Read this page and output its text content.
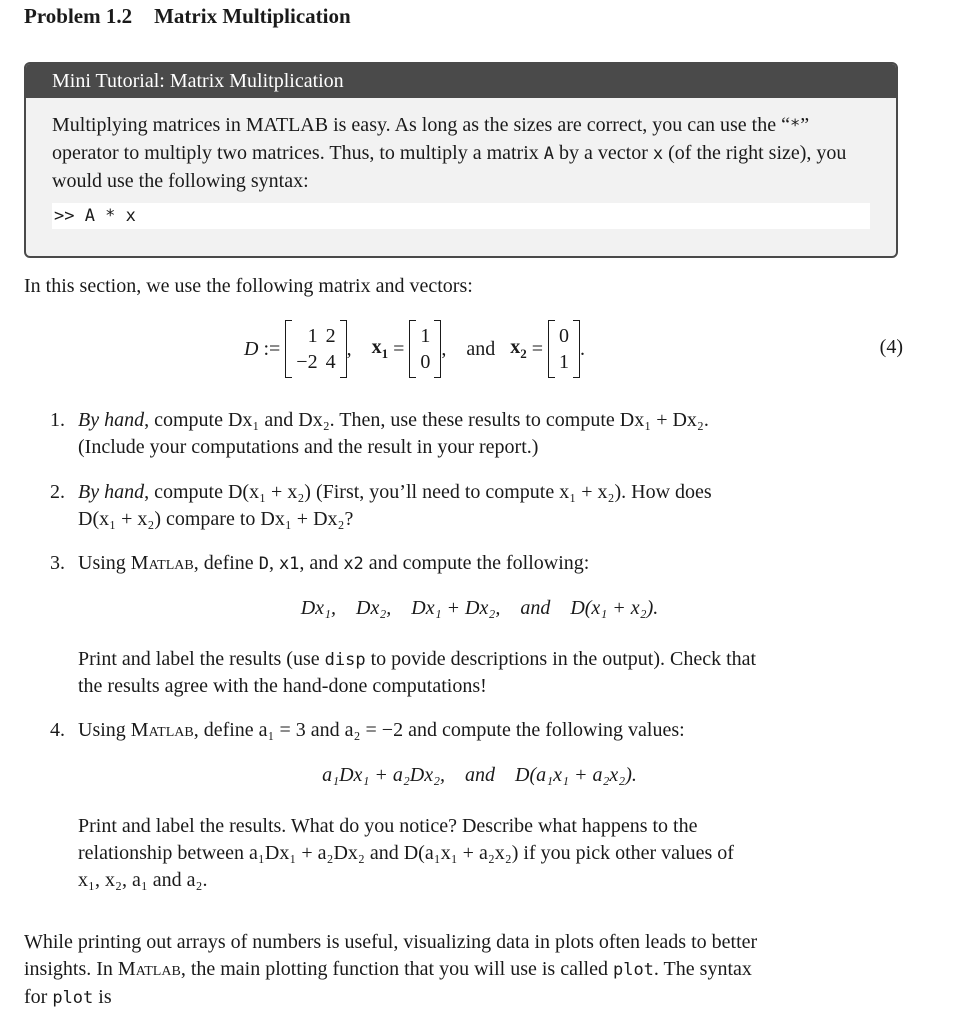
Problem 1.2 Matrix Multiplication
Mini Tutorial: Matrix Mulitplication
Multiplying matrices in MATLAB is easy. As long as the sizes are correct, you can use the “*” operator to multiply two matrices. Thus, to multiply a matrix A by a vector x (of the right size), you would use the following syntax:
>> A * x
In this section, we use the following matrix and vectors:
D :=
1	2
−2	4
, $x_1$ =
1
0
, and
$x_2$ =
0
1
.	(4)
1. By hand, compute Dx₁ and Dx₂. Then, use these results to compute Dx₁ + Dx₂.
(Include your computations and the result in your report.)
2. By hand, compute D(x₁ + x₂) (First, you’ll need to compute x₁ + x₂). How does
D(x₁ + x₂) compare to Dx₁ + Dx₂?
3. Using Matlab, define D, x1, and x2 and compute the following:
Dx₁,    Dx₂,    Dx₁ + Dx₂,    and    D(x₁ + x₂).
Print and label the results (use disp to povide descriptions in the output). Check that
the results agree with the hand-done computations!
4. Using Matlab, define a₁ = 3 and a₂ = −2 and compute the following values:
a₁Dx₁ + a₂Dx₂,    and    D(a₁x₁ + a₂x₂).
Print and label the results. What do you notice? Describe what happens to the
relationship between a₁Dx₁ + a₂Dx₂ and D(a₁x₁ + a₂x₂) if you pick other values of
x₁, x₂, a₁ and a₂.
While printing out arrays of numbers is useful, visualizing data in plots often leads to better
insights. In Matlab, the main plotting function that you will use is called plot. The syntax
for plot is
